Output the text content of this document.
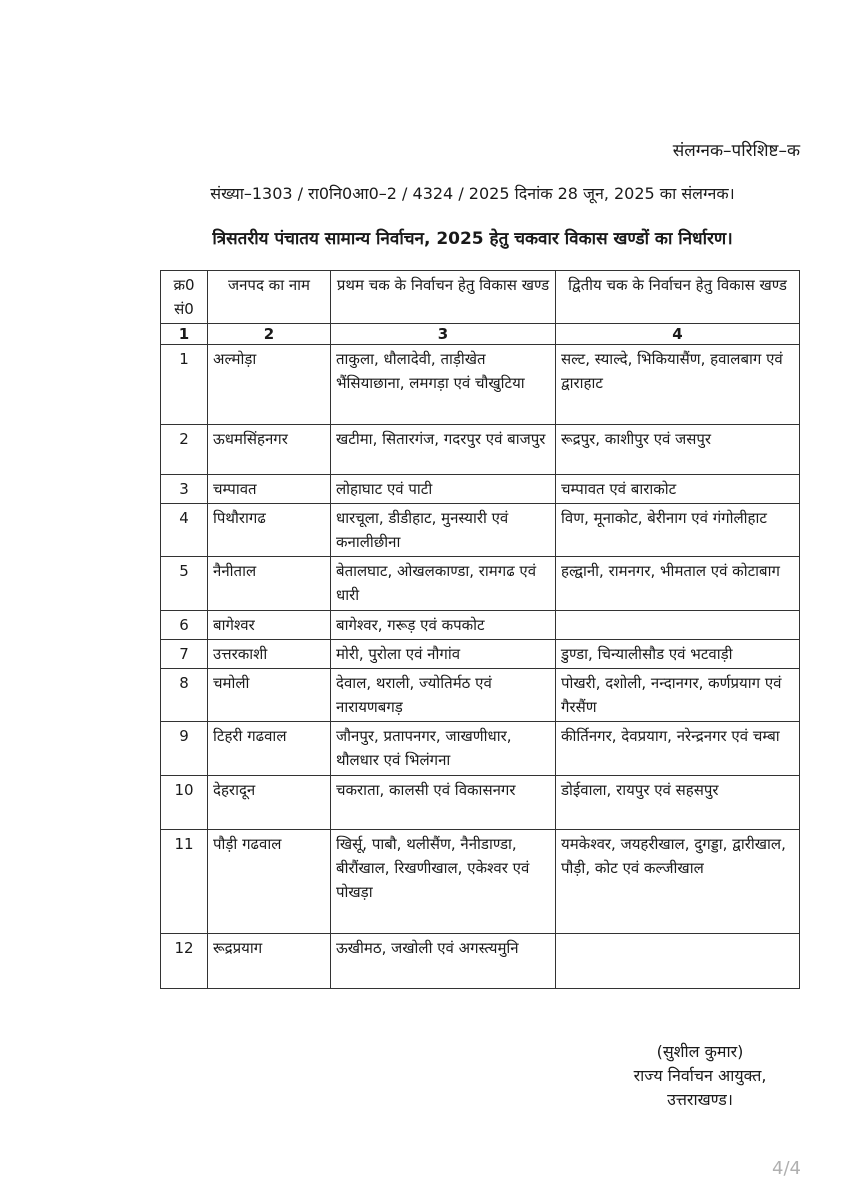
संलग्नक–परिशिष्ट–क
संख्या–1303 / रा0नि0आ0–2 / 4324 / 2025 दिनांक 28 जून, 2025 का संलग्नक।
त्रिसतरीय पंचातय सामान्य निर्वाचन, 2025 हेतु चकवार विकास खण्डों का निर्धारण।
क्र0 सं0	जनपद का नाम	प्रथम चक के निर्वाचन हेतु विकास खण्ड	द्वितीय चक के निर्वाचन हेतु विकास खण्ड
1	2	3	4
1	अल्मोड़ा	ताकुला, धौलादेवी, ताड़ीखेत भैंसियाछाना, लमगड़ा एवं चौखुटिया	सल्ट, स्याल्दे, भिकियासैंण, हवालबाग एवं द्वाराहाट
2	ऊधमसिंहनगर	खटीमा, सितारगंज, गदरपुर एवं बाजपुर	रूद्रपुर, काशीपुर एवं जसपुर
3	चम्पावत	लोहाघाट एवं पाटी	चम्पावत एवं बाराकोट
4	पिथौरागढ	धारचूला, डीडीहाट, मुनस्यारी एवं कनालीछीना	विण, मूनाकोट, बेरीनाग एवं गंगोलीहाट
5	नैनीताल	बेतालघाट, ओखलकाण्डा, रामगढ एवं धारी	हल्द्वानी, रामनगर, भीमताल एवं कोटाबाग
6	बागेश्वर	बागेश्वर, गरूड़ एवं कपकोट	
7	उत्तरकाशी	मोरी, पुरोला एवं नौगांव	डुण्डा, चिन्यालीसौड एवं भटवाड़ी
8	चमोली	देवाल, थराली, ज्योतिर्मठ एवं नारायणबगड़	पोखरी, दशोली, नन्दानगर, कर्णप्रयाग एवं गैरसैंण
9	टिहरी गढवाल	जौनपुर, प्रतापनगर, जाखणीधार, थौलधार एवं भिलंगना	कीर्तिनगर, देवप्रयाग, नरेन्द्रनगर एवं चम्बा
10	देहरादून	चकराता, कालसी एवं विकासनगर	डोईवाला, रायपुर एवं सहसपुर
11	पौड़ी गढवाल	खिर्सू, पाबौ, थलीसैंण, नैनीडाण्डा, बीरौंखाल, रिखणीखाल, एकेश्वर एवं पोखड़ा	यमकेश्वर, जयहरीखाल, दुगड्डा, द्वारीखाल, पौड़ी, कोट एवं कल्जीखाल
12	रूद्रप्रयाग	ऊखीमठ, जखोली एवं अगस्त्यमुनि	
(सुशील कुमार)
राज्य निर्वाचन आयुक्त,
उत्तराखण्ड।
4/4
